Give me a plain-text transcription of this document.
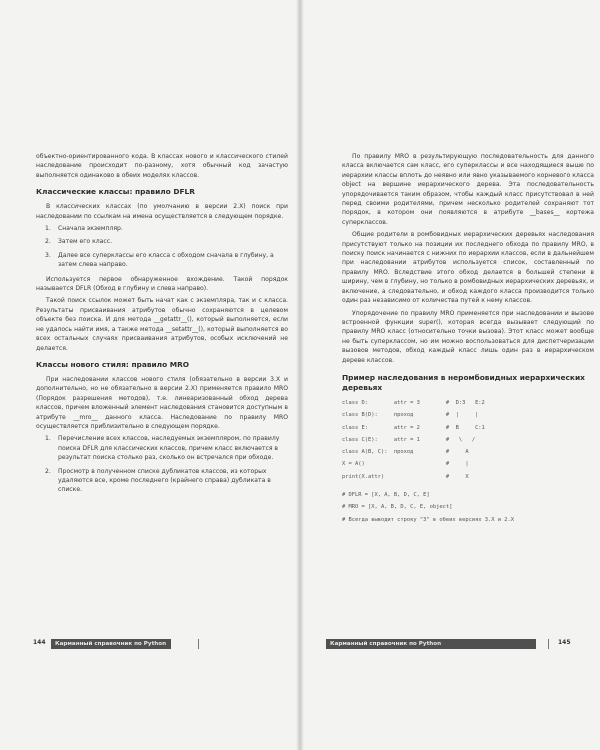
объектно-ориентированного кода. В классах нового и классического стилей наследование происходит по-разному, хотя обычный код зачастую выполняется одинаково в обеих моделях классов.

Классические классы: правило DFLR

В классических классах (по умолчанию в версии 2.X) поиск при наследовании по ссылкам на имена осуществляется в следующем порядке.

1. Сначала экземпляр.
2. Затем его класс.
3. Далее все суперклассы его класса с обходом сначала в глубину, а затем слева направо.

Используется первое обнаруженное вхождение. Такой порядок называется DFLR (Обход в глубину и слева направо).

Такой поиск ссылок может быть начат как с экземпляра, так и с класса. Результаты присваивания атрибутов обычно сохраняются в целевом объекте без поиска. И для метода __getattr__(), который выполняется, если не удалось найти имя, а также метода __setattr__(), который выполняется во всех остальных случаях присваивания атрибутов, особых исключений не делается.

Классы нового стиля: правило MRO

При наследовании классов нового стиля (обязательно в версии 3.X и дополнительно, но не обязательно в версии 2.X) применяется правило MRO (Порядок разрешения методов), т.е. линеаризованный обход дерева классов, причем вложенный элемент наследования становится доступным в атрибуте __mro__ данного класса. Наследование по правилу MRO осуществляется приблизительно в следующем порядке.

1. Перечисление всех классов, наследуемых экземпляром, по правилу поиска DFLR для классических классов, причем класс включается в результат поиска столько раз, сколько он встречался при обходе.
2. Просмотр в полученном списке дубликатов классов, из которых удаляются все, кроме последнего (крайнего справа) дубликата в списке.
144	Карманный справочник по Python

По правилу MRO в результирующую последовательность для данного класса включается сам класс, его суперклассы и все находящиеся выше по иерархии классы вплоть до неявно или явно указываемого корневого класса object на вершине иерархического дерева. Эта последовательность упорядочивается таким образом, чтобы каждый класс присутствовал в ней перед своими родителями, причем несколько родителей сохраняют тот порядок, в котором они появляются в атрибуте __bases__ кортежа суперклассов.

Общие родители в ромбовидных иерархических деревьях наследования присутствуют только на позиции их последнего обхода по правилу MRO, в поиску поиск начинается с нижних по иерархии классов, если в дальнейшем при наследовании атрибутов используется список, составленный по правилу MRO. Вследствие этого обход делается в большей степени в ширину, чем в глубину, но только в ромбовидных иерархических деревьях, и включение, а следовательно, и обход каждого класса производится только один раз независимо от количества путей к нему классов.

Упорядочение по правилу MRO применяется при наследовании и вызове встроенной функции super(), которая всегда вызывает следующий по правилу MRO класс (относительно точки вызова). Этот класс может вообще не быть суперклассом, но им можно воспользоваться для диспетчеризации вызовов методов, обход каждый класс лишь один раз в иерархическом дереве классов.

Пример наследования в неромбовидных иерархических деревьях
class D:        attr = 3        #  D:3   E:2
class B(D):     проход          #  |     |
class E:        attr = 2        #  B     C:1
class C(E):     attr = 1        #   \   /
class A(B, C):  проход          #     A
X = A()                         #     |
print(X.attr)                   #     X
# DFLR = [X, A, B, D, C, E]
# MRO = [X, A, B, D, C, E, object]
# Всегда выводит строку "3" в обеих версиях 3.X и 2.X
Карманный справочник по Python	145
